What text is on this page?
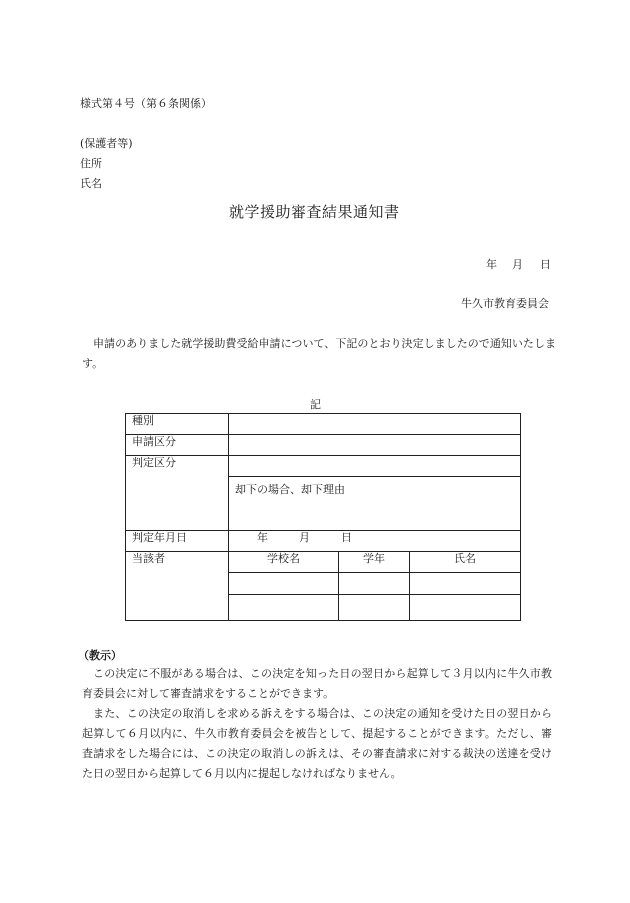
様式第４号（第６条関係）
(保護者等)
住所
氏名
就学援助審査結果通知書
年 月 日
牛久市教育委員会
申請のありました就学援助費受給申請について、下記のとおり決定しましたので通知いたします。
記
種別			
申請区分			
判定区分			
	却下の場合、却下理由		
判定年月日	年 月 日		
当該者	学校名	学年	氏名

（教示）
この決定に不服がある場合は、この決定を知った日の翌日から起算して３月以内に牛久市教育委員会に対して審査請求をすることができます。
また、この決定の取消しを求める訴えをする場合は、この決定の通知を受けた日の翌日から起算して６月以内に、牛久市教育委員会を被告として、提起することができます。ただし、審査請求をした場合には、この決定の取消しの訴えは、その審査請求に対する裁決の送達を受けた日の翌日から起算して６月以内に提起しなければなりません。
